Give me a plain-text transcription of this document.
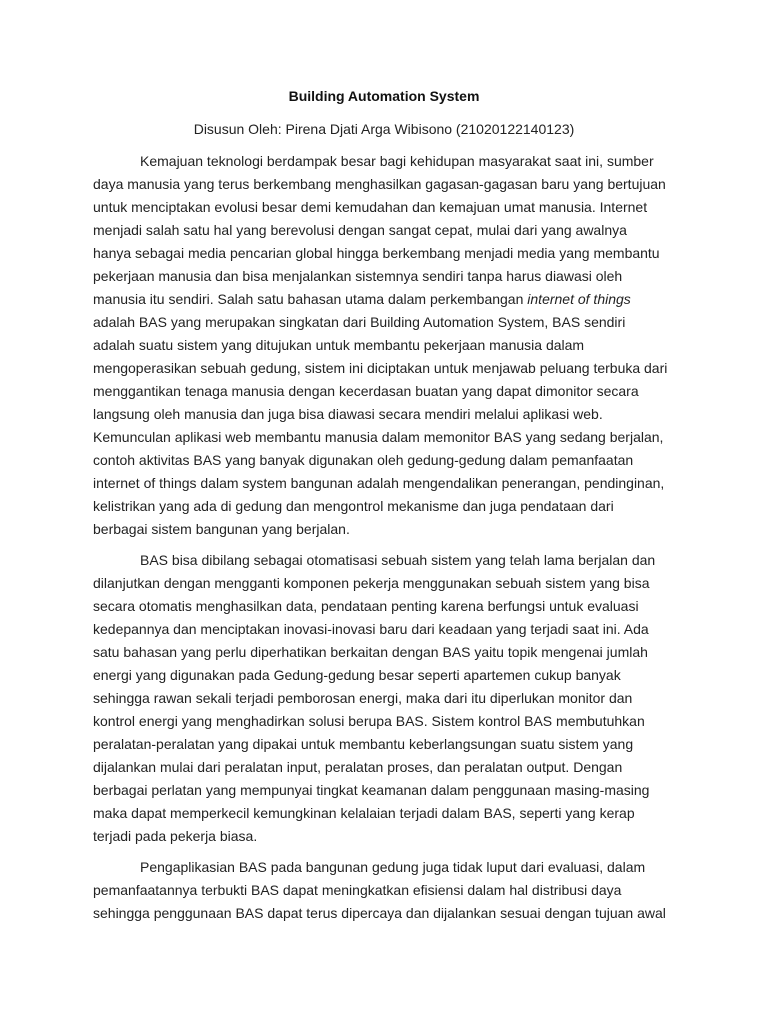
Building Automation System
Disusun Oleh: Pirena Djati Arga Wibisono (21020122140123)
Kemajuan teknologi berdampak besar bagi kehidupan masyarakat saat ini, sumber
daya manusia yang terus berkembang menghasilkan gagasan-gagasan baru yang bertujuan
untuk menciptakan evolusi besar demi kemudahan dan kemajuan umat manusia. Internet
menjadi salah satu hal yang berevolusi dengan sangat cepat, mulai dari yang awalnya
hanya sebagai media pencarian global hingga berkembang menjadi media yang membantu
pekerjaan manusia dan bisa menjalankan sistemnya sendiri tanpa harus diawasi oleh
manusia itu sendiri. Salah satu bahasan utama dalam perkembangan internet of things
adalah BAS yang merupakan singkatan dari Building Automation System, BAS sendiri
adalah suatu sistem yang ditujukan untuk membantu pekerjaan manusia dalam
mengoperasikan sebuah gedung, sistem ini diciptakan untuk menjawab peluang terbuka dari
menggantikan tenaga manusia dengan kecerdasan buatan yang dapat dimonitor secara
langsung oleh manusia dan juga bisa diawasi secara mendiri melalui aplikasi web.
Kemunculan aplikasi web membantu manusia dalam memonitor BAS yang sedang berjalan,
contoh aktivitas BAS yang banyak digunakan oleh gedung-gedung dalam pemanfaatan
internet of things dalam system bangunan adalah mengendalikan penerangan, pendinginan,
kelistrikan yang ada di gedung dan mengontrol mekanisme dan juga pendataan dari
berbagai sistem bangunan yang berjalan.
BAS bisa dibilang sebagai otomatisasi sebuah sistem yang telah lama berjalan dan
dilanjutkan dengan mengganti komponen pekerja menggunakan sebuah sistem yang bisa
secara otomatis menghasilkan data, pendataan penting karena berfungsi untuk evaluasi
kedepannya dan menciptakan inovasi-inovasi baru dari keadaan yang terjadi saat ini. Ada
satu bahasan yang perlu diperhatikan berkaitan dengan BAS yaitu topik mengenai jumlah
energi yang digunakan pada Gedung-gedung besar seperti apartemen cukup banyak
sehingga rawan sekali terjadi pemborosan energi, maka dari itu diperlukan monitor dan
kontrol energi yang menghadirkan solusi berupa BAS. Sistem kontrol BAS membutuhkan
peralatan-peralatan yang dipakai untuk membantu keberlangsungan suatu sistem yang
dijalankan mulai dari peralatan input, peralatan proses, dan peralatan output. Dengan
berbagai perlatan yang mempunyai tingkat keamanan dalam penggunaan masing-masing
maka dapat memperkecil kemungkinan kelalaian terjadi dalam BAS, seperti yang kerap
terjadi pada pekerja biasa.
Pengaplikasian BAS pada bangunan gedung juga tidak luput dari evaluasi, dalam
pemanfaatannya terbukti BAS dapat meningkatkan efisiensi dalam hal distribusi daya
sehingga penggunaan BAS dapat terus dipercaya dan dijalankan sesuai dengan tujuan awal
